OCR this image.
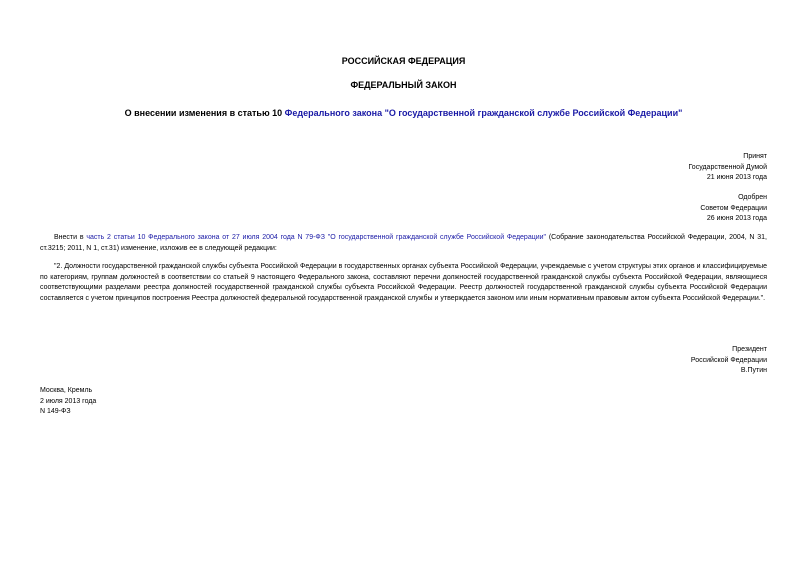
РОССИЙСКАЯ ФЕДЕРАЦИЯ
ФЕДЕРАЛЬНЫЙ ЗАКОН
О внесении изменения в статью 10 Федерального закона "О государственной гражданской службе Российской Федерации"
Принят
Государственной Думой
21 июня 2013 года
Одобрен
Советом Федерации
26 июня 2013 года
Внести в часть 2 статьи 10 Федерального закона от 27 июля 2004 года N 79-ФЗ "О государственной гражданской службе Российской Федерации" (Собрание законодательства Российской Федерации, 2004, N 31, ст.3215; 2011, N 1, ст.31) изменение, изложив ее в следующей редакции:
"2. Должности государственной гражданской службы субъекта Российской Федерации в государственных органах субъекта Российской Федерации, учреждаемые с учетом структуры этих органов и классифицируемые по категориям, группам должностей в соответствии со статьей 9 настоящего Федерального закона, составляют перечни должностей государственной гражданской службы субъекта Российской Федерации, являющиеся соответствующими разделами реестра должностей государственной гражданской службы субъекта Российской Федерации. Реестр должностей государственной гражданской службы субъекта Российской Федерации составляется с учетом принципов построения Реестра должностей федеральной государственной гражданской службы и утверждается законом или иным нормативным правовым актом субъекта Российской Федерации.".
Президент
Российской Федерации
В.Путин
Москва, Кремль
2 июля 2013 года
N 149-ФЗ
